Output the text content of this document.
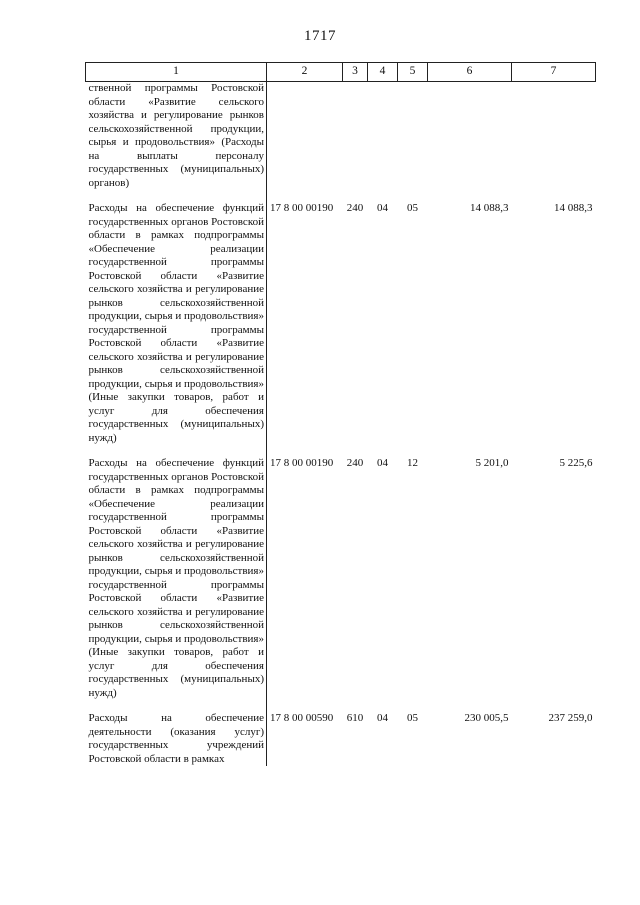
1717
1	2	3	4	5	6	7
ственной программы Ростовской области «Развитие сельского хозяйства и регулирование рынков сельскохозяйственной продукции, сырья и продовольствия» (Расходы на выплаты персоналу государственных (муниципальных) органов)						
Расходы на обеспечение функций государственных органов Ростовской области в рамках подпрограммы «Обеспечение реализации государственной программы Ростовской области «Развитие сельского хозяйства и регулирование рынков сельскохозяйственной продукции, сырья и продовольствия» государственной программы Ростовской области «Развитие сельского хозяйства и регулирование рынков сельскохозяйственной продукции, сырья и продовольствия» (Иные закупки товаров, работ и услуг для обеспечения государственных (муниципальных) нужд)	17 8 00 00190	240	04	05	14 088,3	14 088,3
Расходы на обеспечение функций государственных органов Ростовской области в рамках подпрограммы «Обеспечение реализации государственной программы Ростовской области «Развитие сельского хозяйства и регулирование рынков сельскохозяйственной продукции, сырья и продовольствия» государственной программы Ростовской области «Развитие сельского хозяйства и регулирование рынков сельскохозяйственной продукции, сырья и продовольствия» (Иные закупки товаров, работ и услуг для обеспечения государственных (муниципальных) нужд)	17 8 00 00190	240	04	12	5 201,0	5 225,6
Расходы на обеспечение деятельности (оказания услуг) государственных учреждений Ростовской области в рамках	17 8 00 00590	610	04	05	230 005,5	237 259,0
